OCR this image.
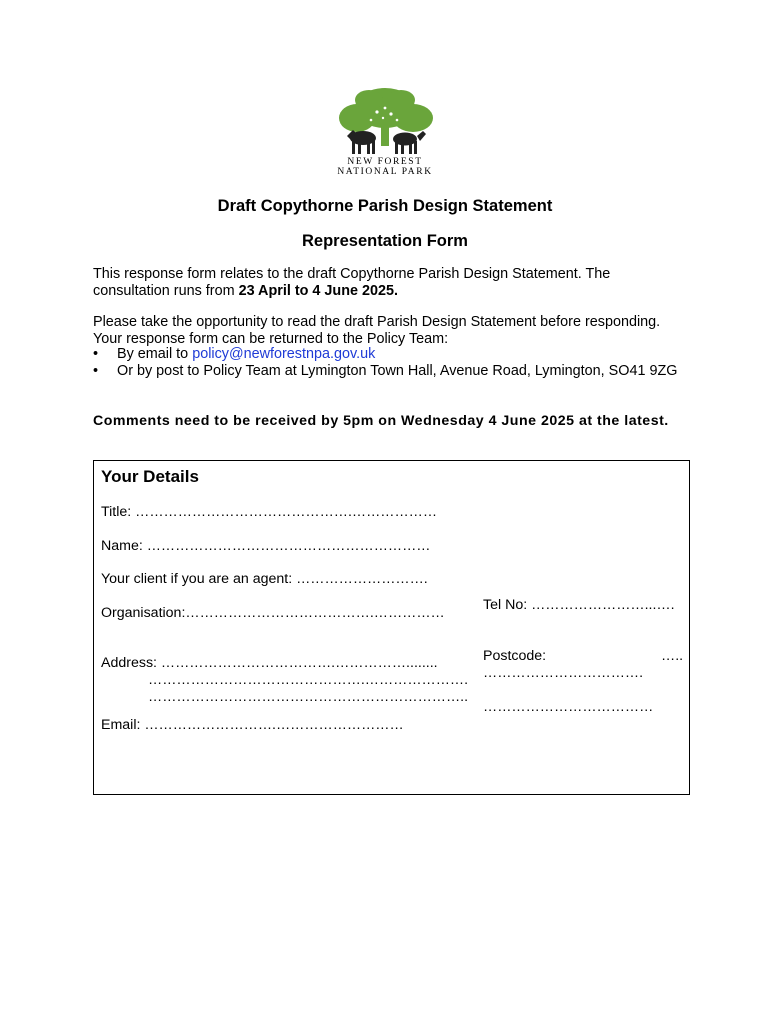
NEW FOREST
NATIONAL PARK
Draft Copythorne Parish Design Statement
Representation Form
This response form relates to the draft Copythorne Parish Design Statement. The consultation runs from 23 April to 4 June 2025.
Please take the opportunity to read the draft Parish Design Statement before responding. Your response form can be returned to the Policy Team:
• By email to policy@newforestnpa.gov.uk
• Or by post to Policy Team at Lymington Town Hall, Avenue Road, Lymington, SO41 9ZG
Comments need to be received by 5pm on Wednesday 4 June 2025 at the latest.
Your Details
Title: ……………………………………….………………
Name: ……………………………………………………
Your client if you are an agent: ……………………….
Organisation:………………………………….……………	Tel No: ……………………...….
Address: ……………………………….……………........
……………………………………….………………….
…………………………………………………………..
Postcode:	…..
…………………………….
………………………………
Email: ……………………….………………………
